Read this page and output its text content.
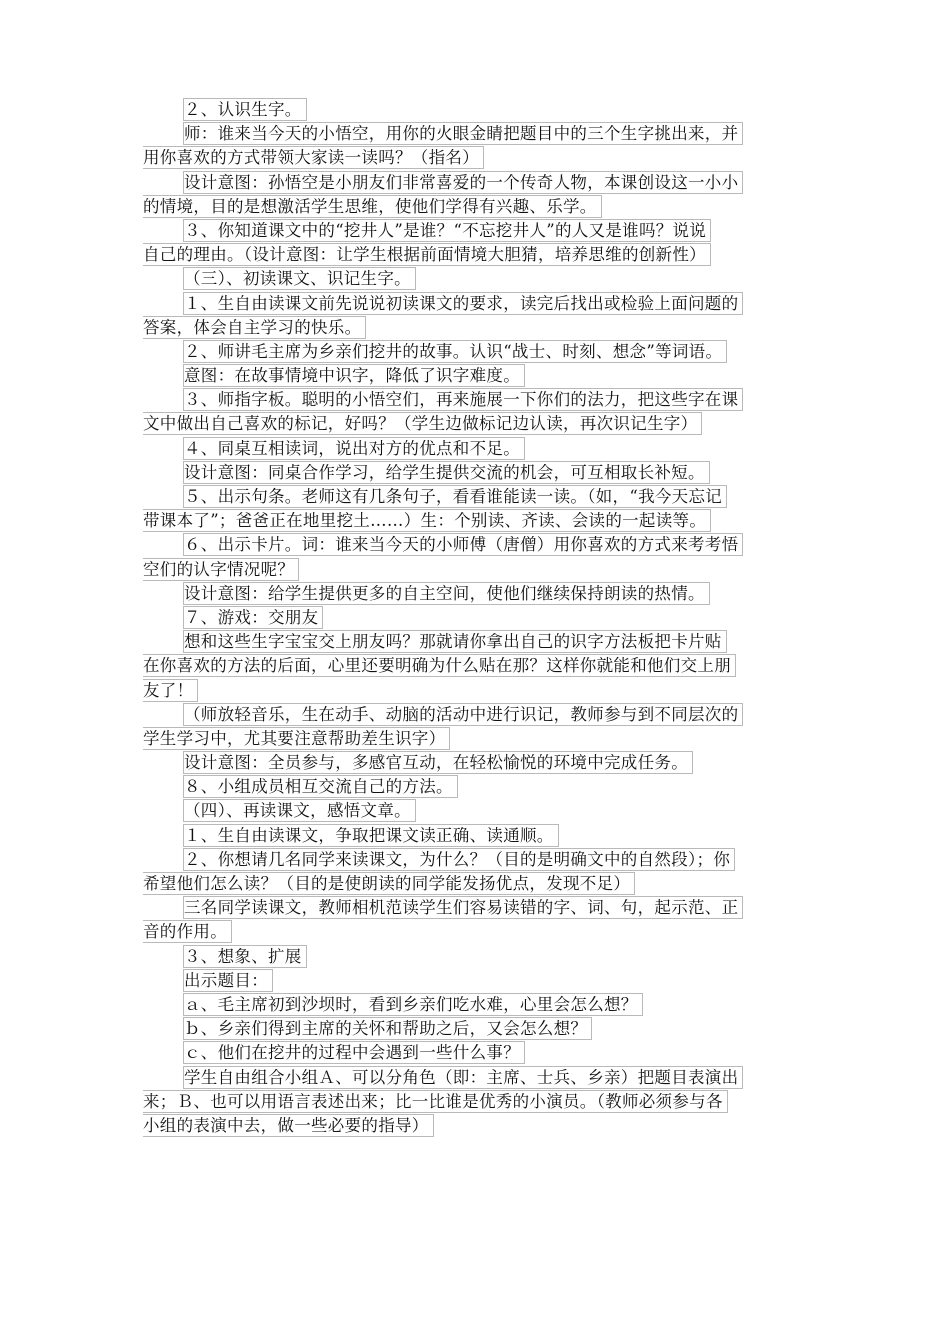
２、认识生字。
师：谁来当今天的小悟空，用你的火眼金睛把题目中的三个生字挑出来，并
用你喜欢的方式带领大家读一读吗？（指名）
设计意图：孙悟空是小朋友们非常喜爱的一个传奇人物，本课创设这一小小
的情境，目的是想激活学生思维，使他们学得有兴趣、乐学。
３、你知道课文中的“挖井人”是谁？“不忘挖井人”的人又是谁吗？说说
自己的理由。（设计意图：让学生根据前面情境大胆猜，培养思维的创新性）
（三）、初读课文、识记生字。
１、生自由读课文前先说说初读课文的要求，读完后找出或检验上面问题的
答案，体会自主学习的快乐。
２、师讲毛主席为乡亲们挖井的故事。认识“战士、时刻、想念”等词语。
意图：在故事情境中识字，降低了识字难度。
３、师指字板。聪明的小悟空们，再来施展一下你们的法力，把这些字在课
文中做出自己喜欢的标记，好吗？（学生边做标记边认读，再次识记生字）
４、同桌互相读词，说出对方的优点和不足。
设计意图：同桌合作学习，给学生提供交流的机会，可互相取长补短。
５、出示句条。老师这有几条句子，看看谁能读一读。（如，“我今天忘记
带课本了”；爸爸正在地里挖土……）生：个别读、齐读、会读的一起读等。
６、出示卡片。词：谁来当今天的小师傅（唐僧）用你喜欢的方式来考考悟
空们的认字情况呢？
设计意图：给学生提供更多的自主空间，使他们继续保持朗读的热情。
７、游戏：交朋友
想和这些生字宝宝交上朋友吗？那就请你拿出自己的识字方法板把卡片贴
在你喜欢的方法的后面，心里还要明确为什么贴在那？这样你就能和他们交上朋
友了！
（师放轻音乐，生在动手、动脑的活动中进行识记，教师参与到不同层次的
学生学习中，尤其要注意帮助差生识字）
设计意图：全员参与，多感官互动，在轻松愉悦的环境中完成任务。
８、小组成员相互交流自己的方法。
（四）、再读课文，感悟文章。
１、生自由读课文，争取把课文读正确、读通顺。
２、你想请几名同学来读课文，为什么？（目的是明确文中的自然段）；你
希望他们怎么读？（目的是使朗读的同学能发扬优点，发现不足）
三名同学读课文，教师相机范读学生们容易读错的字、词、句，起示范、正
音的作用。
３、想象、扩展
出示题目：
ａ、毛主席初到沙坝时，看到乡亲们吃水难，心里会怎么想？
ｂ、乡亲们得到主席的关怀和帮助之后，又会怎么想？
ｃ、他们在挖井的过程中会遇到一些什么事？
学生自由组合小组Ａ、可以分角色（即：主席、士兵、乡亲）把题目表演出
来；Ｂ、也可以用语言表述出来；比一比谁是优秀的小演员。（教师必须参与各
小组的表演中去，做一些必要的指导）
